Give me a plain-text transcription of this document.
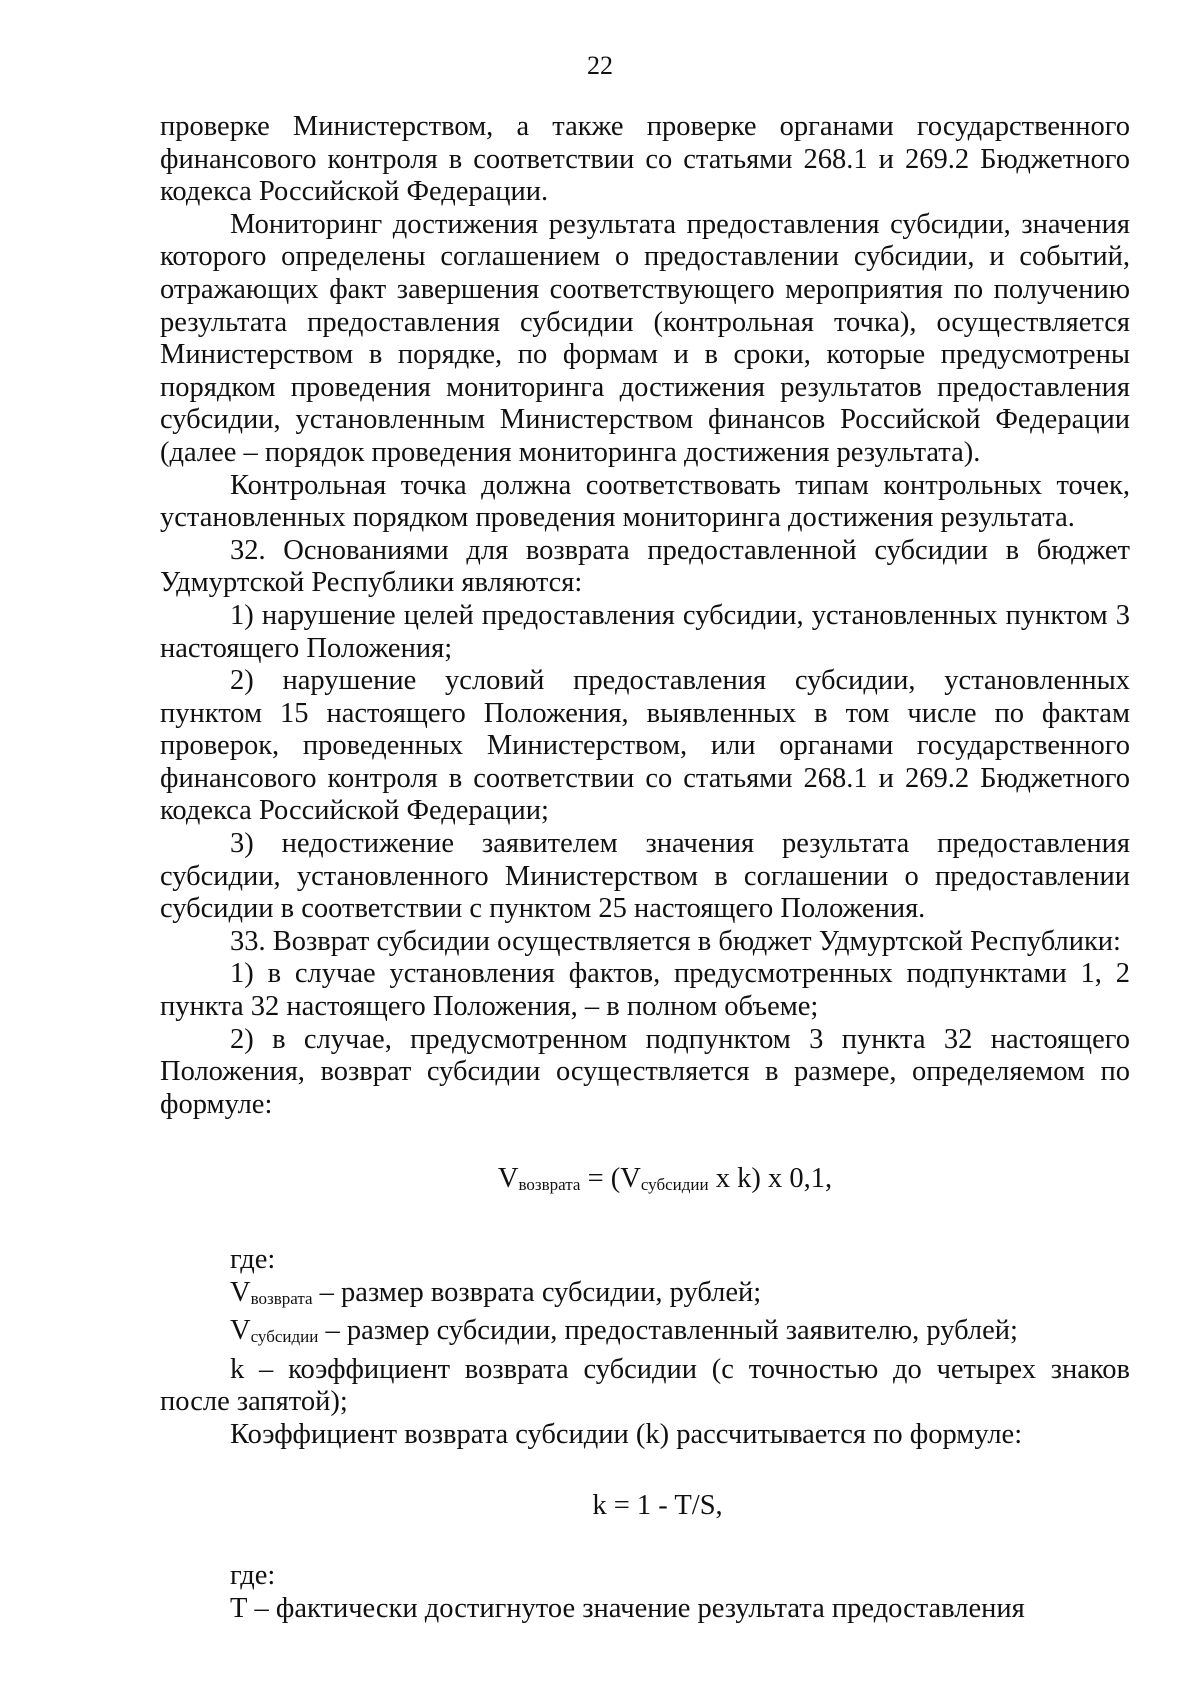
22

проверке Министерством, а также проверке органами государственного финансового контроля в соответствии со статьями 268.1 и 269.2 Бюджетного кодекса Российской Федерации.

Мониторинг достижения результата предоставления субсидии, значения которого определены соглашением о предоставлении субсидии, и событий, отражающих факт завершения соответствующего мероприятия по получению результата предоставления субсидии (контрольная точка), осуществляется Министерством в порядке, по формам и в сроки, которые предусмотрены порядком проведения мониторинга достижения результатов предоставления субсидии, установленным Министерством финансов Российской Федерации (далее – порядок проведения мониторинга достижения результата).

Контрольная точка должна соответствовать типам контрольных точек, установленных порядком проведения мониторинга достижения результата.

32. Основаниями для возврата предоставленной субсидии в бюджет Удмуртской Республики являются:

1) нарушение целей предоставления субсидии, установленных пунктом 3 настоящего Положения;

2) нарушение условий предоставления субсидии, установленных пунктом 15 настоящего Положения, выявленных в том числе по фактам проверок, проведенных Министерством, или органами государственного финансового контроля в соответствии со статьями 268.1 и 269.2 Бюджетного кодекса Российской Федерации;

3) недостижение заявителем значения результата предоставления субсидии, установленного Министерством в соглашении о предоставлении субсидии в соответствии с пунктом 25 настоящего Положения.

33. Возврат субсидии осуществляется в бюджет Удмуртской Республики:

1) в случае установления фактов, предусмотренных подпунктами 1, 2 пункта 32 настоящего Положения, – в полном объеме;

2) в случае, предусмотренном подпунктом 3 пункта 32 настоящего Положения, возврат субсидии осуществляется в размере, определяемом по формуле:

Vвозврата = (Vсубсидии x k) x 0,1,

где:

Vвозврата – размер возврата субсидии, рублей;

Vсубсидии – размер субсидии, предоставленный заявителю, рублей;

k – коэффициент возврата субсидии (с точностью до четырех знаков после запятой);

Коэффициент возврата субсидии (k) рассчитывается по формуле:

k = 1 - T/S,

где:

Т – фактически достигнутое значение результата предоставления
